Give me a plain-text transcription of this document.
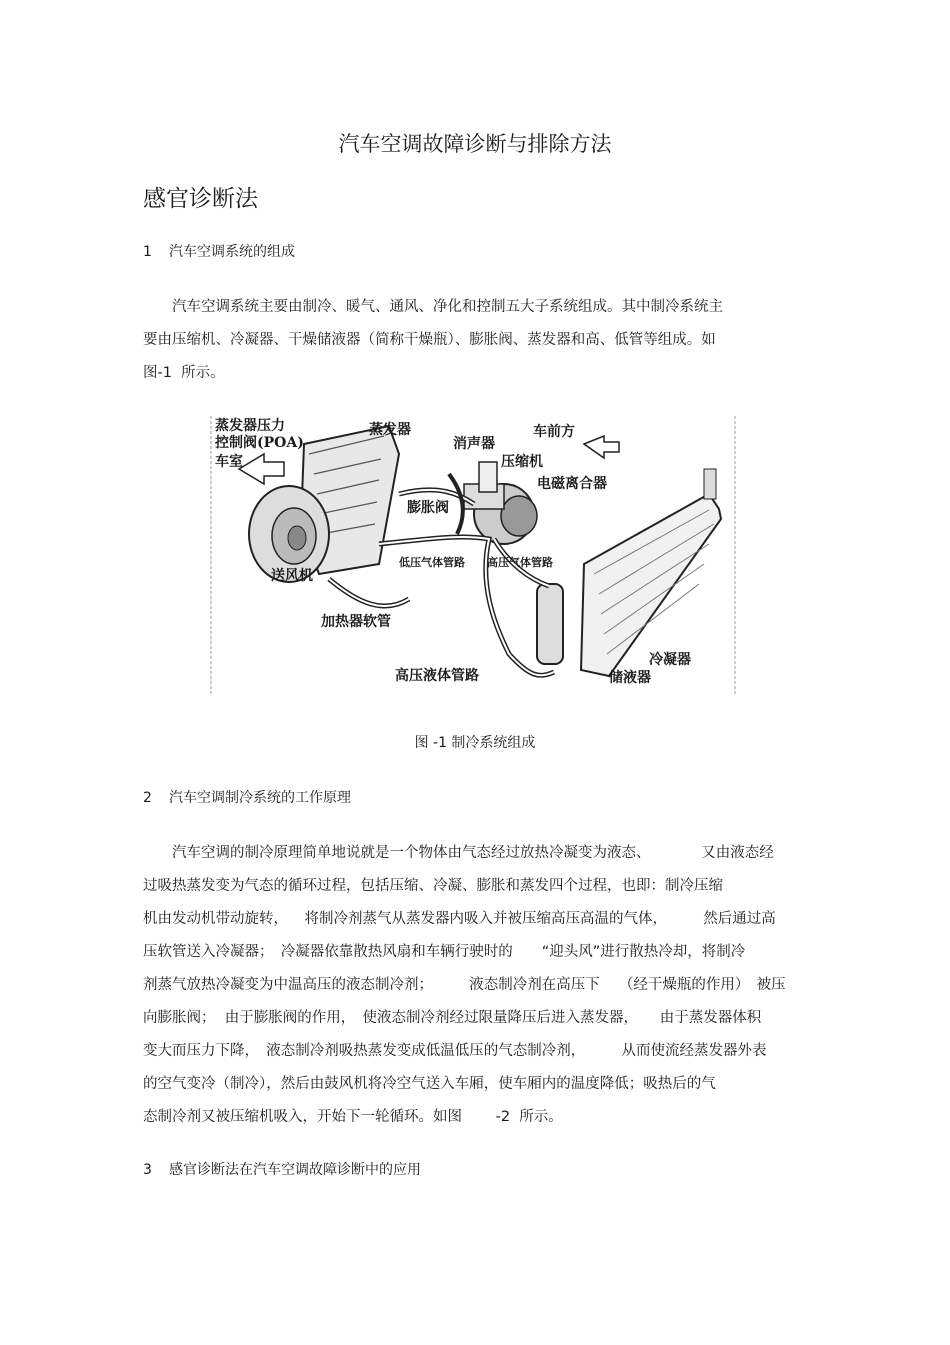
汽车空调故障诊断与排除方法
感官诊断法
1 汽车空调系统的组成
　　汽车空调系统主要由制冷、暖气、通风、净化和控制五大子系统组成。其中制冷系统主
要由压缩机、冷凝器、干燥储液器（简称干燥瓶）、膨胀阀、蒸发器和高、低管等组成。如
图-1  所示。
蒸发器压力
控制阀(POA)
车室
蒸发器
消声器
车前方
压缩机
电磁离合器
膨胀阀
低压气体管路 高压气体管路
送风机
加热器软管
冷凝器
高压液体管路	储液器
图 -1 制冷系统组成
2 汽车空调制冷系统的工作原理
　　汽车空调的制冷原理简单地说就是一个物体由气态经过放热冷凝变为液态、　　　　又由液态经
过吸热蒸发变为气态的循环过程，包括压缩、冷凝、膨胀和蒸发四个过程，也即：制冷压缩
机由发动机带动旋转，　  将制冷剂蒸气从蒸发器内吸入并被压缩高压高温的气体，　　　然后通过高
压软管送入冷凝器；　冷凝器依靠散热风扇和车辆行驶时的　　“迎头风”进行散热冷却，将制冷
剂蒸气放热冷凝变为中温高压的液态制冷剂；　　　液态制冷剂在高压下　 （经干燥瓶的作用）　被压
向膨胀阀；  由于膨胀阀的作用，　使液态制冷剂经过限量降压后进入蒸发器，　　由于蒸发器体积
变大而压力下降，　液态制冷剂吸热蒸发变成低温低压的气态制冷剂，　　　从而使流经蒸发器外表
的空气变冷（制冷），然后由鼓风机将冷空气送入车厢，使车厢内的温度降低；吸热后的气
态制冷剂又被压缩机吸入，开始下一轮循环。如图　　 -2  所示。
3 感官诊断法在汽车空调故障诊断中的应用
